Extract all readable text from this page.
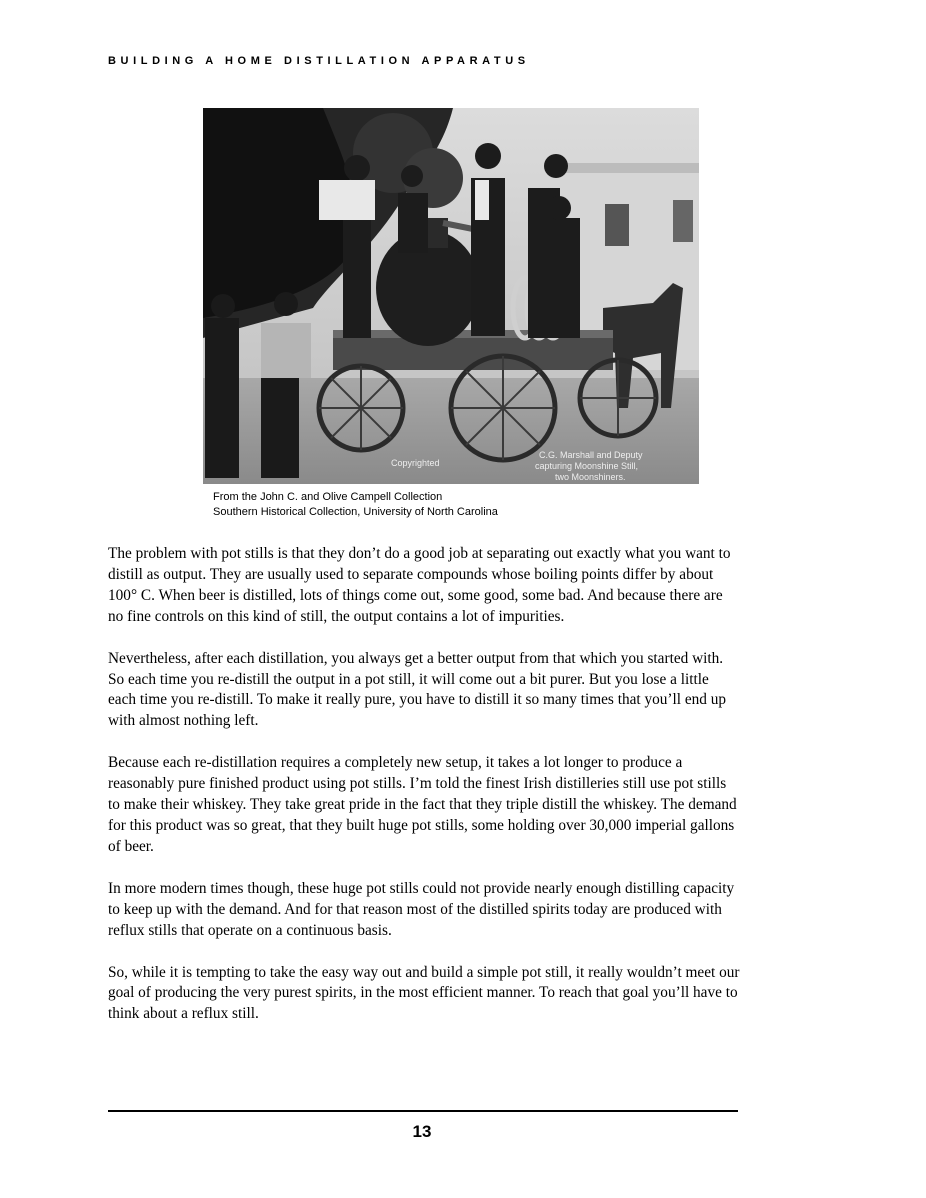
BUILDING A HOME DISTILLATION APPARATUS
Copyrighted
C.G. Marshall and Deputy
capturing Moonshine Still,
two Moonshiners.
From the John C. and Olive Campell Collection
Southern Historical Collection, University of North Carolina

The problem with pot stills is that they don’t do a good job at separating out exactly what you want to distill as output. They are usually used to separate compounds whose boiling points differ by about 100° C. When beer is distilled, lots of things come out, some good, some bad. And because there are no fine controls on this kind of still, the output contains a lot of impurities.

Nevertheless, after each distillation, you always get a better output from that which you started with. So each time you re-distill the output in a pot still, it will come out a bit purer. But you lose a little each time you re-distill. To make it really pure, you have to distill it so many times that you’ll end up with almost nothing left.

Because each re-distillation requires a completely new setup, it takes a lot longer to produce a reasonably pure finished product using pot stills. I’m told the finest Irish distilleries still use pot stills to make their whiskey. They take great pride in the fact that they triple distill the whiskey. The demand for this product was so great, that they built huge pot stills, some holding over 30,000 imperial gallons of beer.

In more modern times though, these huge pot stills could not provide nearly enough distilling capacity to keep up with the demand. And for that reason most of the distilled spirits today are produced with reflux stills that operate on a continuous basis.

So, while it is tempting to take the easy way out and build a simple pot still, it really wouldn’t meet our goal of producing the very purest spirits, in the most efficient manner. To reach that goal you’ll have to think about a reflux still.

13
